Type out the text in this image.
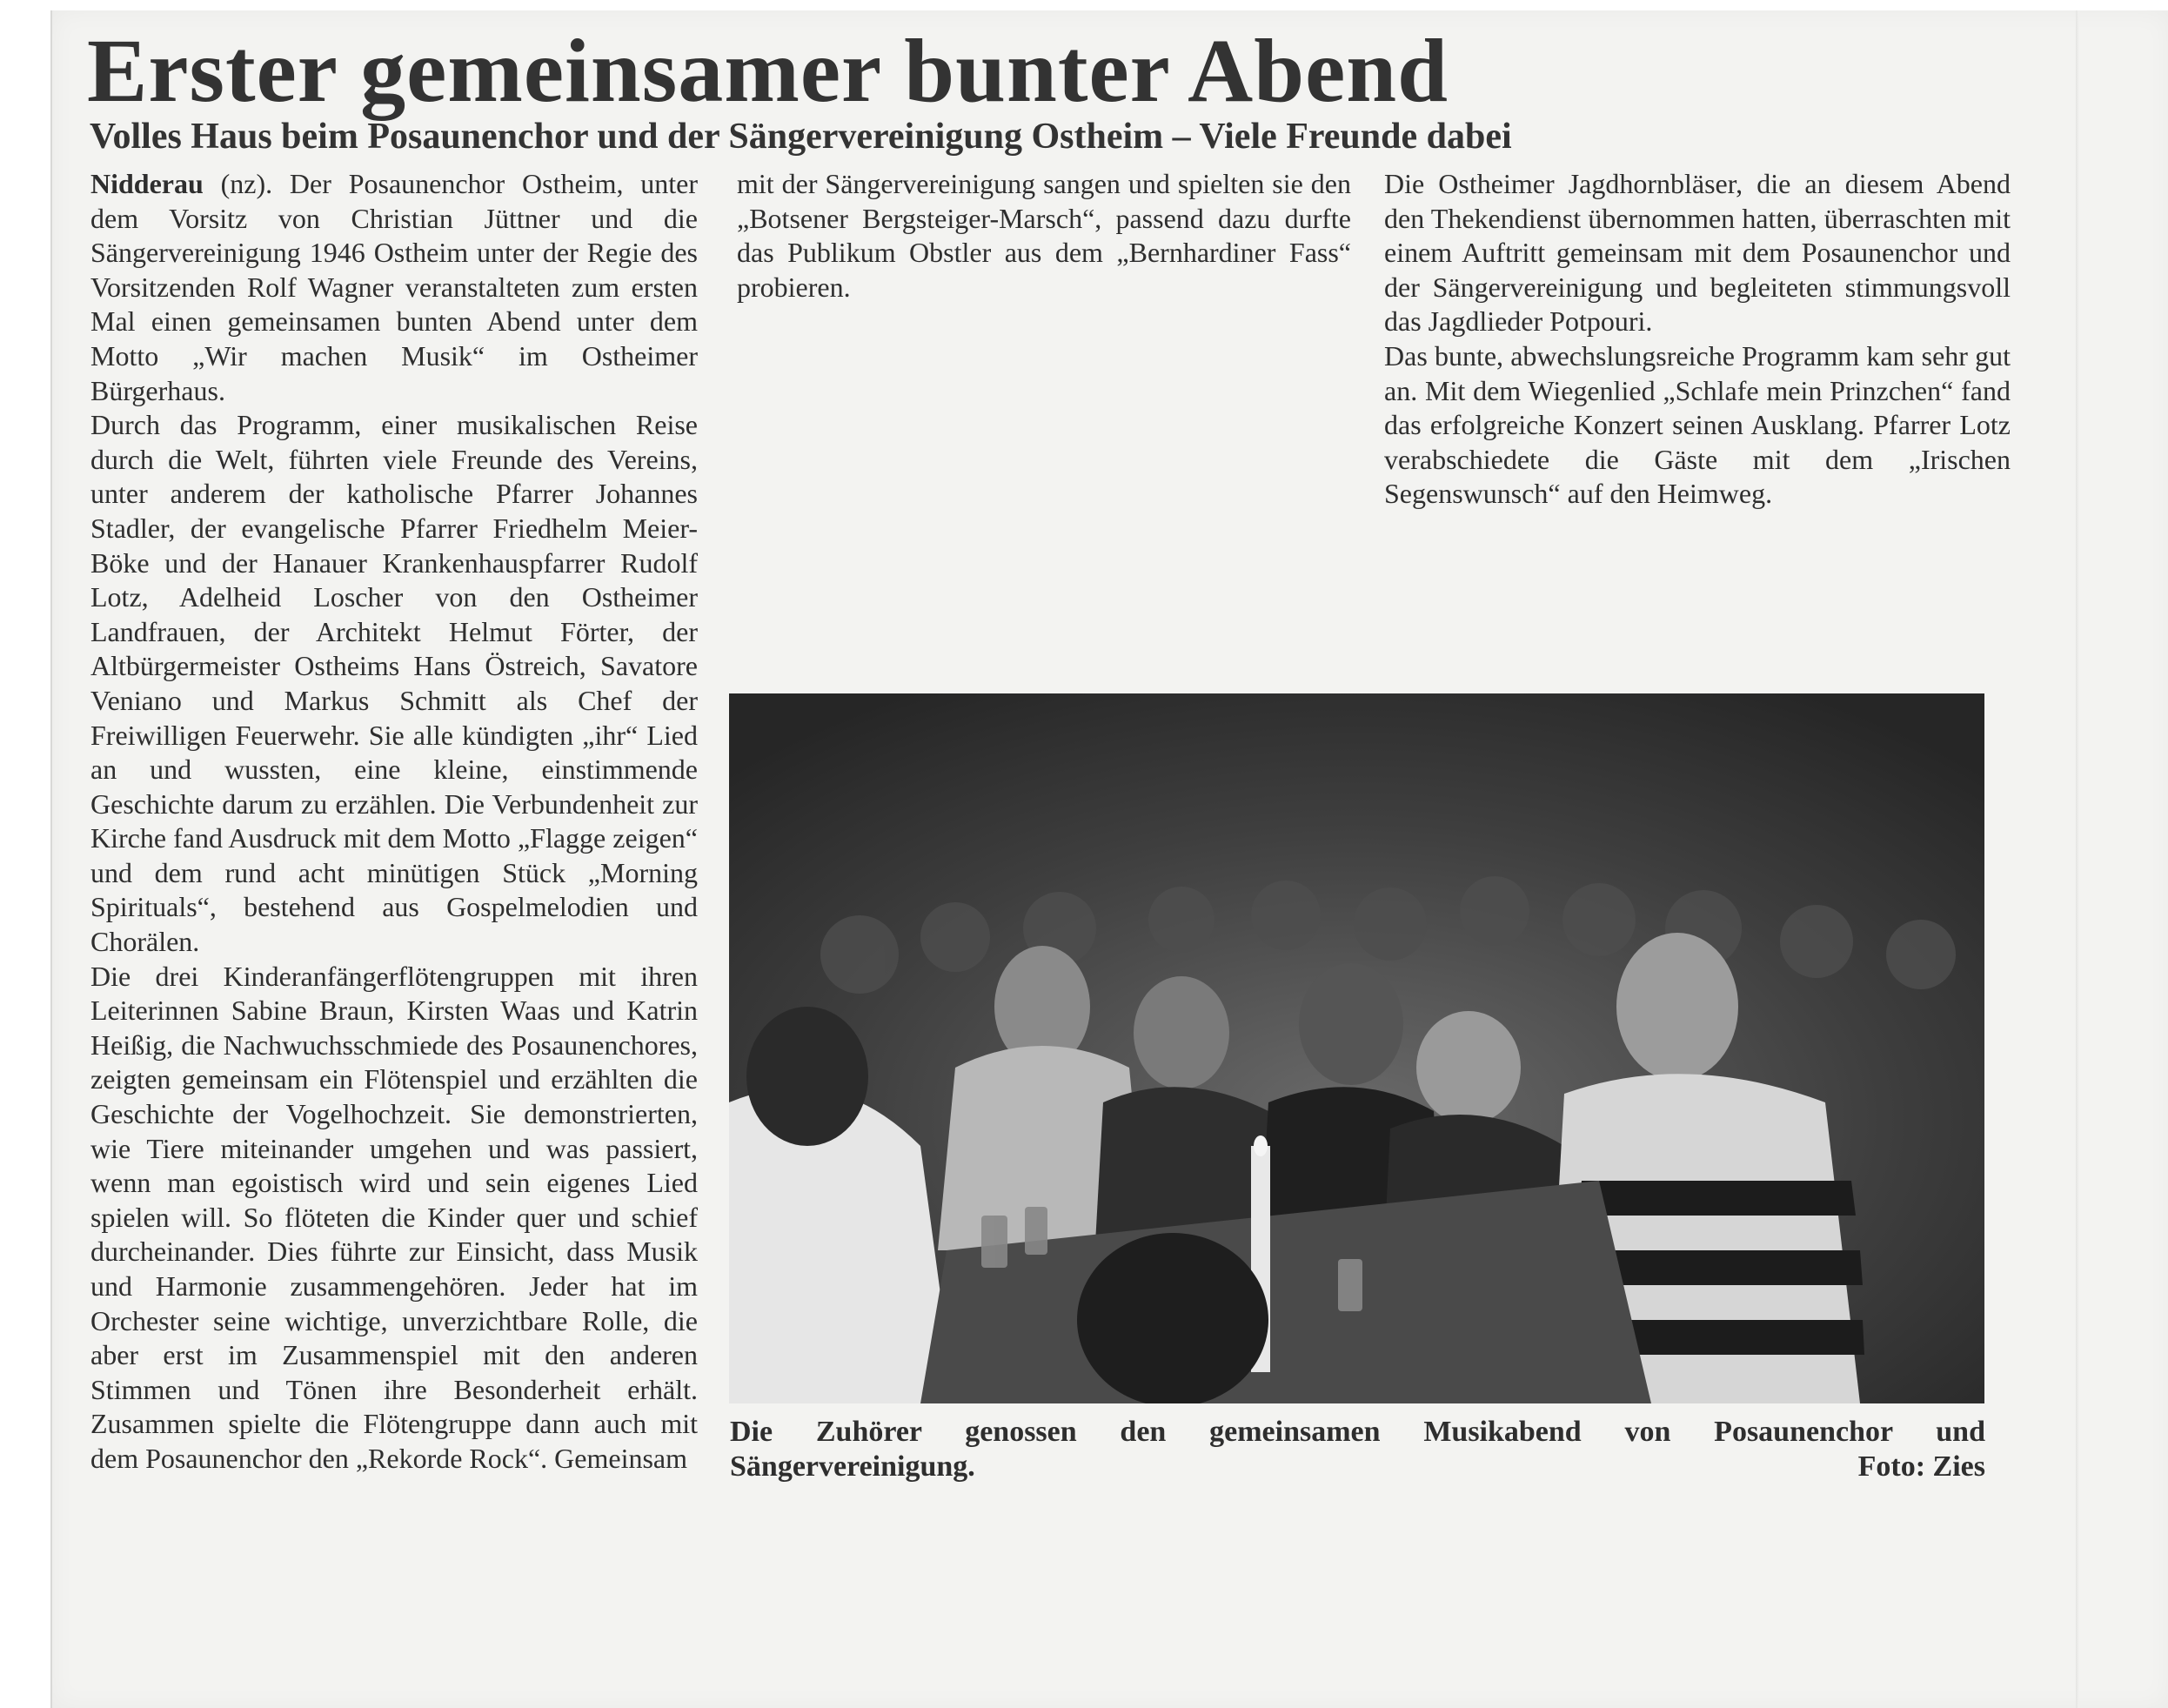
Erster gemeinsamer bunter Abend
Volles Haus beim Posaunenchor und der Sängervereinigung Ostheim – Viele Freunde dabei

Nidderau (nz). Der Posaunenchor Ostheim, unter dem Vorsitz von Christian Jüttner und die Sängervereinigung 1946 Ostheim unter der Regie des Vorsitzenden Rolf Wagner veranstalteten zum ersten Mal einen gemeinsamen bunten Abend unter dem Motto „Wir machen Musik“ im Ostheimer Bürgerhaus.

Durch das Programm, einer musikalischen Reise durch die Welt, führten viele Freunde des Vereins, unter anderem der katholische Pfarrer Johannes Stadler, der evangelische Pfarrer Friedhelm Meier-Böke und der Hanauer Krankenhauspfarrer Rudolf Lotz, Adelheid Loscher von den Ostheimer Landfrauen, der Architekt Helmut Förter, der Altbürgermeister Ostheims Hans Östreich, Savatore Veniano und Markus Schmitt als Chef der Freiwilligen Feuerwehr. Sie alle kündigten „ihr“ Lied an und wussten, eine kleine, einstimmende Geschichte darum zu erzählen. Die Verbundenheit zur Kirche fand Ausdruck mit dem Motto „Flagge zeigen“ und dem rund acht minütigen Stück „Morning Spirituals“, bestehend aus Gospelmelodien und Chorälen.

Die drei Kinderanfängerflötengruppen mit ihren Leiterinnen Sabine Braun, Kirsten Waas und Katrin Heißig, die Nachwuchsschmiede des Posaunenchores, zeigten gemeinsam ein Flötenspiel und erzählten die Geschichte der Vogelhochzeit. Sie demonstrierten, wie Tiere miteinander umgehen und was passiert, wenn man egoistisch wird und sein eigenes Lied spielen will. So flöteten die Kinder quer und schief durcheinander. Dies führte zur Einsicht, dass Musik und Harmonie zusammengehören. Jeder hat im Orchester seine wichtige, unverzichtbare Rolle, die aber erst im Zusammenspiel mit den anderen Stimmen und Tönen ihre Besonderheit erhält. Zusammen spielte die Flötengruppe dann auch mit dem Posaunenchor den „Rekorde Rock“. Gemeinsam

mit der Sängervereinigung sangen und spielten sie den „Botsener Bergsteiger-Marsch“, passend dazu durfte das Publikum Obstler aus dem „Bernhardiner Fass“ probieren.

Die Ostheimer Jagdhornbläser, die an diesem Abend den Thekendienst übernommen hatten, überraschten mit einem Auftritt gemeinsam mit dem Posaunenchor und der Sängervereinigung und begleiteten stimmungsvoll das Jagdlieder Potpouri.

Das bunte, abwechslungsreiche Programm kam sehr gut an. Mit dem Wiegenlied „Schlafe mein Prinzchen“ fand das erfolgreiche Konzert seinen Ausklang. Pfarrer Lotz verabschiedete die Gäste mit dem „Irischen Segenswunsch“ auf den Heimweg.

Die Zuhörer genossen den gemeinsamen Musikabend von Posaunenchor und
Sängervereinigung.	Foto: Zies
